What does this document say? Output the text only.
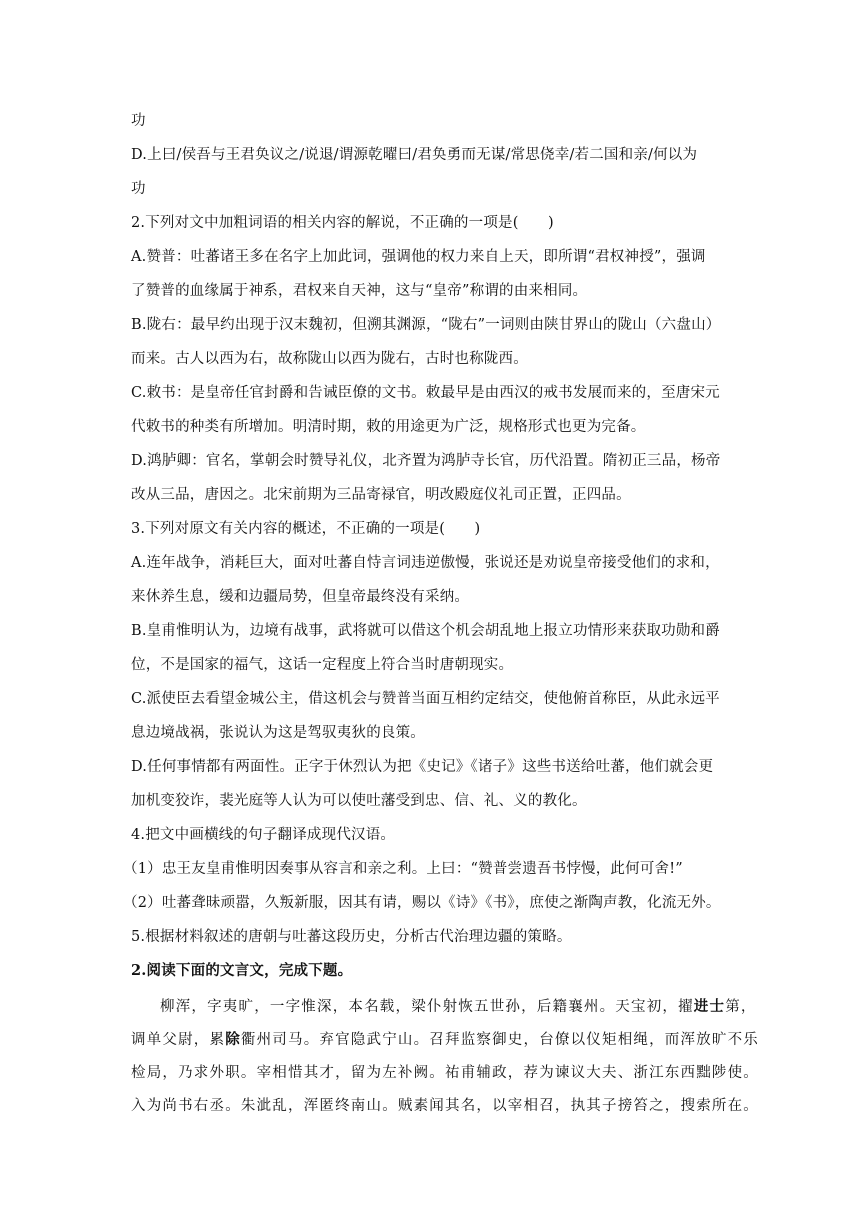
功
D.上曰/侯吾与王君奂议之/说退/谓源乾曜曰/君奂勇而无谋/常思侥幸/若二国和亲/何以为
功
2.下列对文中加粗词语的相关内容的解说，不正确的一项是(　　)
A.赞普：吐蕃诸王多在名字上加此词，强调他的权力来自上天，即所谓“君权神授”，强调
了赞普的血缘属于神系，君权来自天神，这与“皇帝”称谓的由来相同。
B.陇右：最早约出现于汉末魏初，但溯其渊源，“陇右”一词则由陕甘界山的陇山（六盘山）
而来。古人以西为右，故称陇山以西为陇右，古时也称陇西。
C.敕书：是皇帝任官封爵和告诫臣僚的文书。敕最早是由西汉的戒书发展而来的，至唐宋元
代敕书的种类有所增加。明清时期，敕的用途更为广泛，规格形式也更为完备。
D.鸿胪卿：官名，掌朝会时赞导礼仪，北齐置为鸿胪寺长官，历代沿置。隋初正三品，杨帝
改从三品，唐因之。北宋前期为三品寄禄官，明改殿庭仪礼司正置，正四品。
3.下列对原文有关内容的概述，不正确的一项是(　　)
A.连年战争，消耗巨大，面对吐蕃自恃言词违逆傲慢，张说还是劝说皇帝接受他们的求和，
来休养生息，缓和边疆局势，但皇帝最终没有采纳。
B.皇甫惟明认为，边境有战事，武将就可以借这个机会胡乱地上报立功情形来获取功勋和爵
位，不是国家的福气，这话一定程度上符合当时唐朝现实。
C.派使臣去看望金城公主，借这机会与赞普当面互相约定结交，使他俯首称臣，从此永远平
息边境战祸，张说认为这是驾驭夷狄的良策。
D.任何事情都有两面性。正字于休烈认为把《史记》《诸子》这些书送给吐蕃，他们就会更
加机变狡诈，裴光庭等人认为可以使吐藩受到忠、信、礼、义的教化。
4.把文中画横线的句子翻译成现代汉语。
（1）忠王友皇甫惟明因奏事从容言和亲之利。上曰：“赞普尝遗吾书悖慢，此何可舍!”
（2）吐蕃聋昧顽嚣，久叛新服，因其有请，赐以《诗》《书》，庶使之渐陶声教，化流无外。
5.根据材料叙述的唐朝与吐蕃这段历史，分析古代治理边疆的策略。
2.阅读下面的文言文，完成下题。
柳浑，字夷旷，一字惟深，本名载，梁仆射恢五世孙，后籍襄州。天宝初，擢进士第，
调单父尉，累除衢州司马。弃官隐武宁山。召拜监察御史，台僚以仪矩相绳，而浑放旷不乐
检局，乃求外职。宰相惜其才，留为左补阙。祐甫辅政，荐为谏议大夫、浙江东西黜陟使。
入为尚书右丞。朱泚乱，浑匿终南山。贼素闻其名，以宰相召，执其子搒笞之，搜索所在。
